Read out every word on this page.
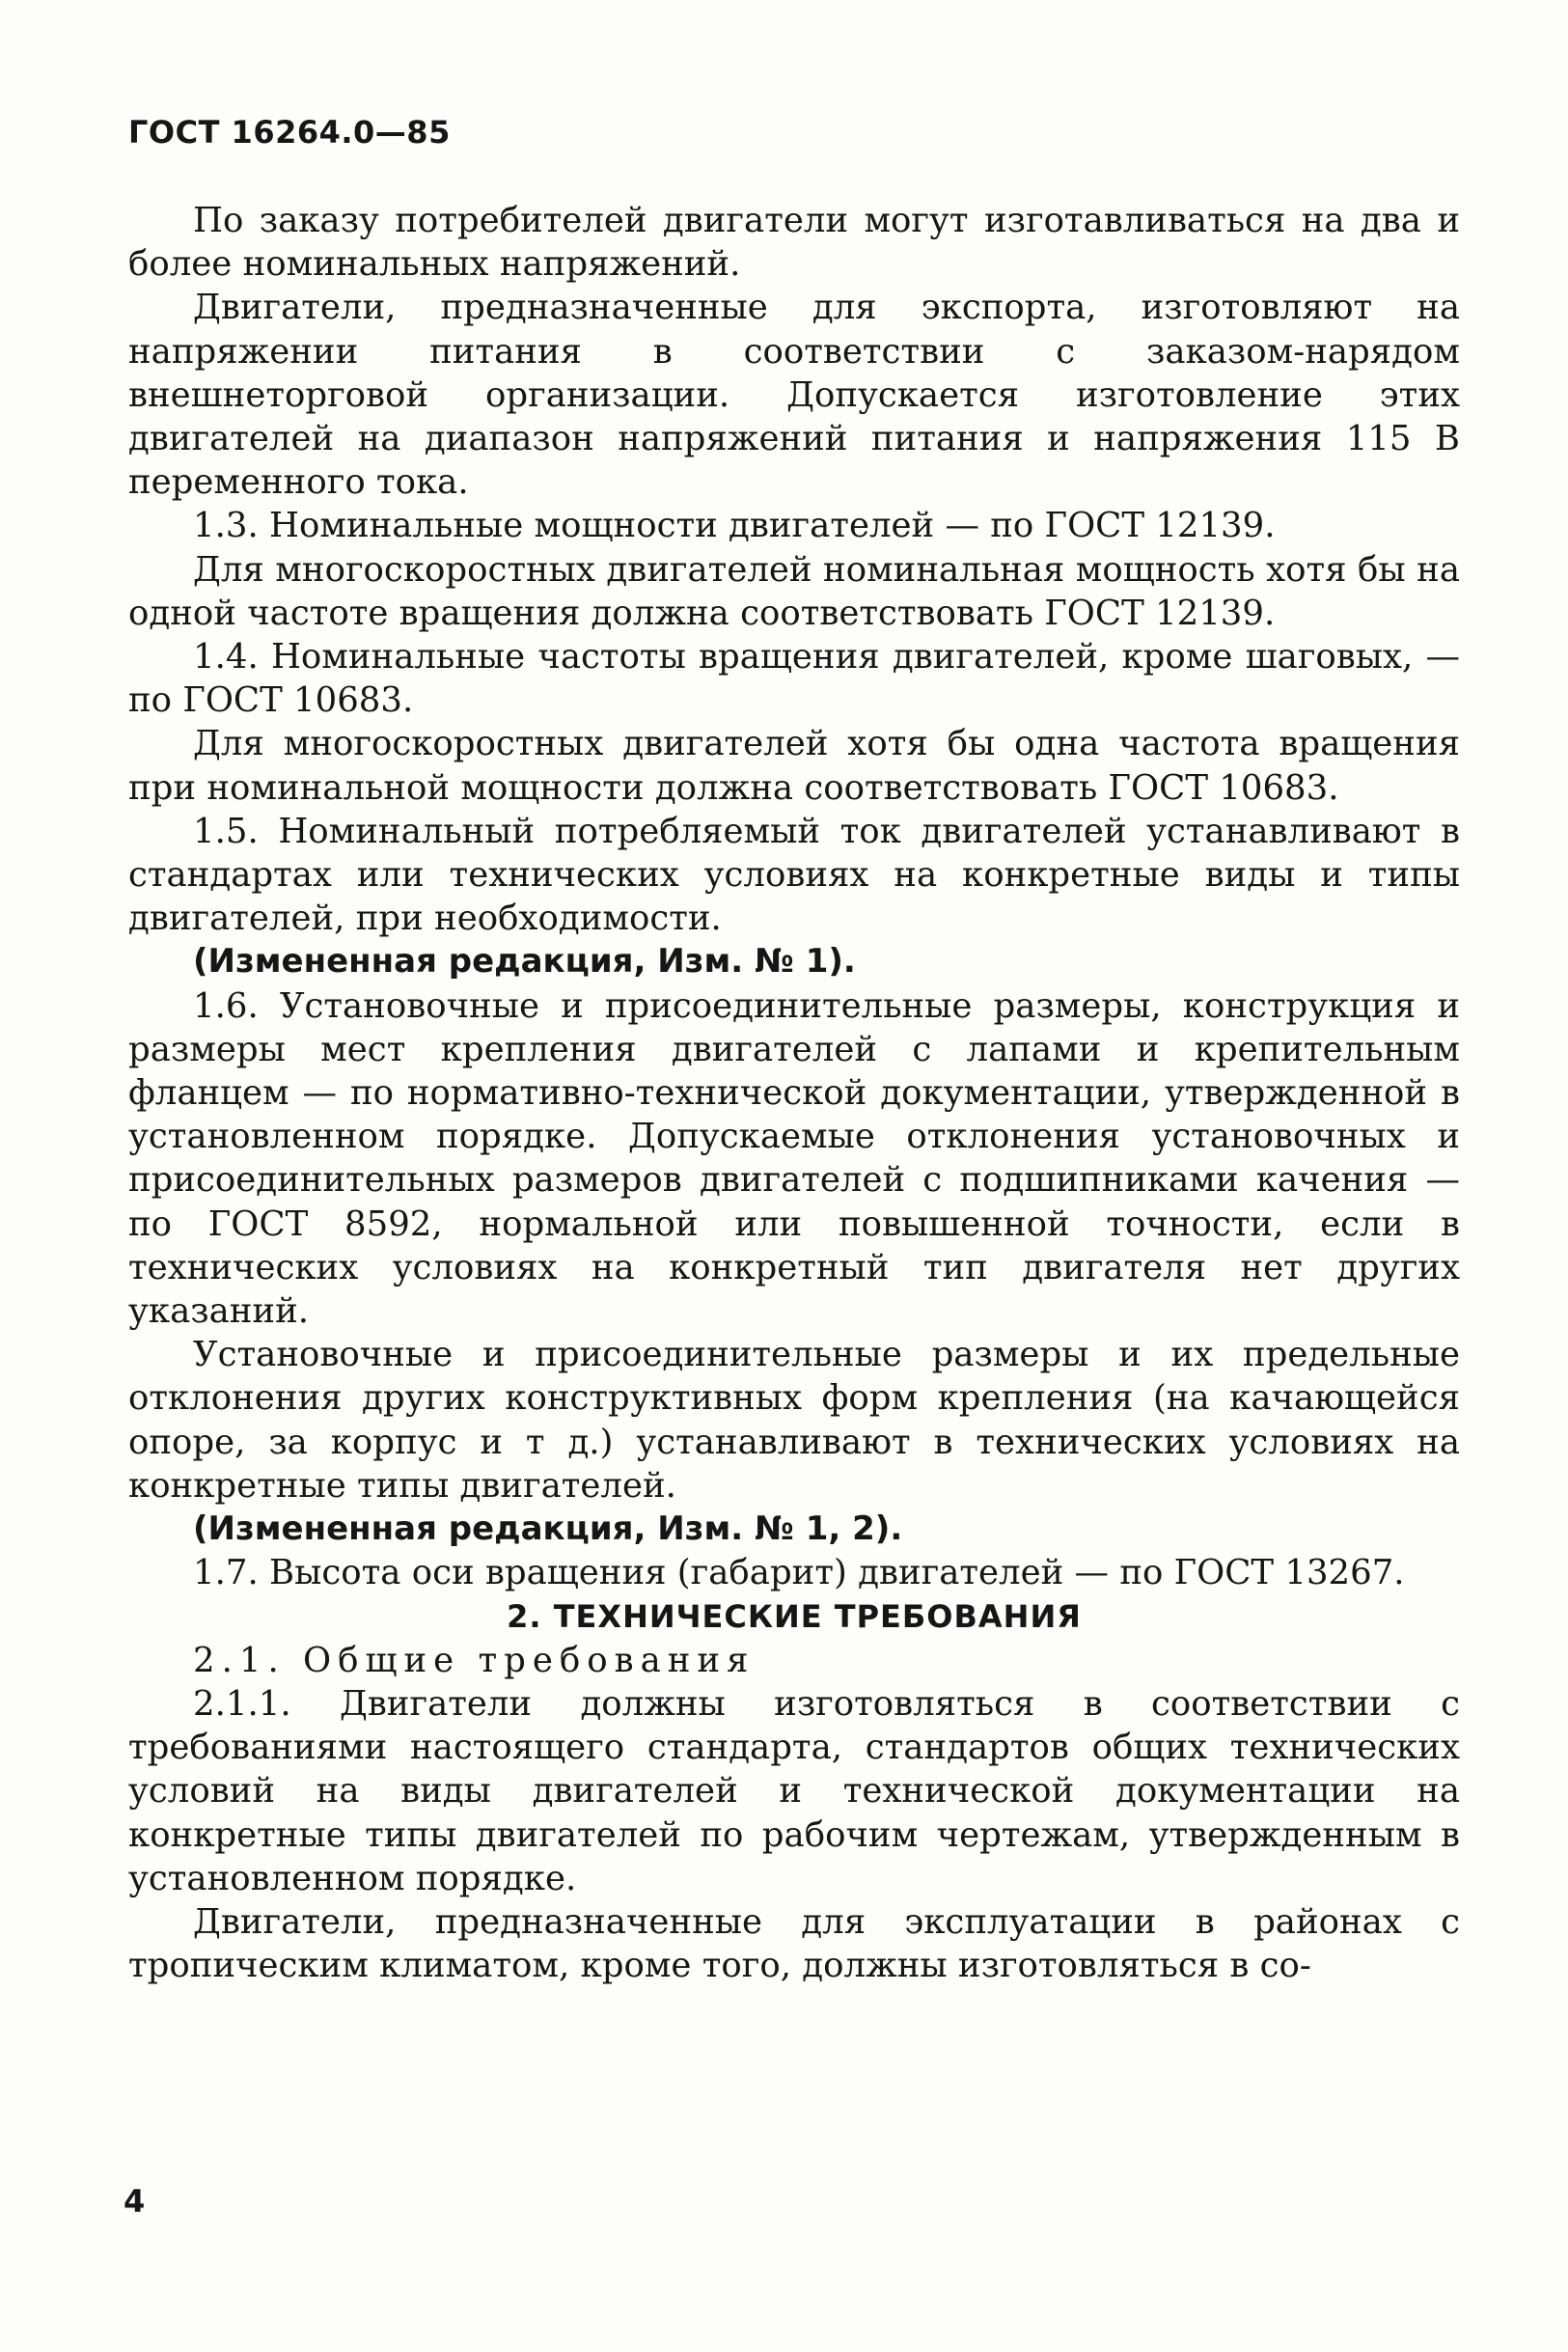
ГОСТ 16264.0—85

По заказу потребителей двигатели могут изготавливаться на два и более номинальных напряжений.

Двигатели, предназначенные для экспорта, изготовляют на напряжении питания в соответствии с заказом-нарядом внешнеторговой организации. Допускается изготовление этих двигателей на диапазон напряжений питания и напряжения 115 В переменного тока.

1.3. Номинальные мощности двигателей — по ГОСТ 12139.

Для многоскоростных двигателей номинальная мощность хотя бы на одной частоте вращения должна соответствовать ГОСТ 12139.

1.4. Номинальные частоты вращения двигателей, кроме шаговых, — по ГОСТ 10683.

Для многоскоростных двигателей хотя бы одна частота вращения при номинальной мощности должна соответствовать ГОСТ 10683.

1.5. Номинальный потребляемый ток двигателей устанавливают в стандартах или технических условиях на конкретные виды и типы двигателей, при необходимости.

(Измененная редакция, Изм. № 1).

1.6. Установочные и присоединительные размеры, конструкция и размеры мест крепления двигателей с лапами и крепительным фланцем — по нормативно-технической документации, утвержденной в установленном порядке. Допускаемые отклонения установочных и присоединительных размеров двигателей с подшипниками качения — по ГОСТ 8592, нормальной или повышенной точности, если в технических условиях на конкретный тип двигателя нет других указаний.

Установочные и присоединительные размеры и их предельные отклонения других конструктивных форм крепления (на качающейся опоре, за корпус и т д.) устанавливают в технических условиях на конкретные типы двигателей.

(Измененная редакция, Изм. № 1, 2).

1.7. Высота оси вращения (габарит) двигателей — по ГОСТ 13267.

2. ТЕХНИЧЕСКИЕ ТРЕБОВАНИЯ

2.1. Общие требования

2.1.1. Двигатели должны изготовляться в соответствии с требованиями настоящего стандарта, стандартов общих технических условий на виды двигателей и технической документации на конкретные типы двигателей по рабочим чертежам, утвержденным в установленном порядке.

Двигатели, предназначенные для эксплуатации в районах с тропическим климатом, кроме того, должны изготовляться в со-

4
